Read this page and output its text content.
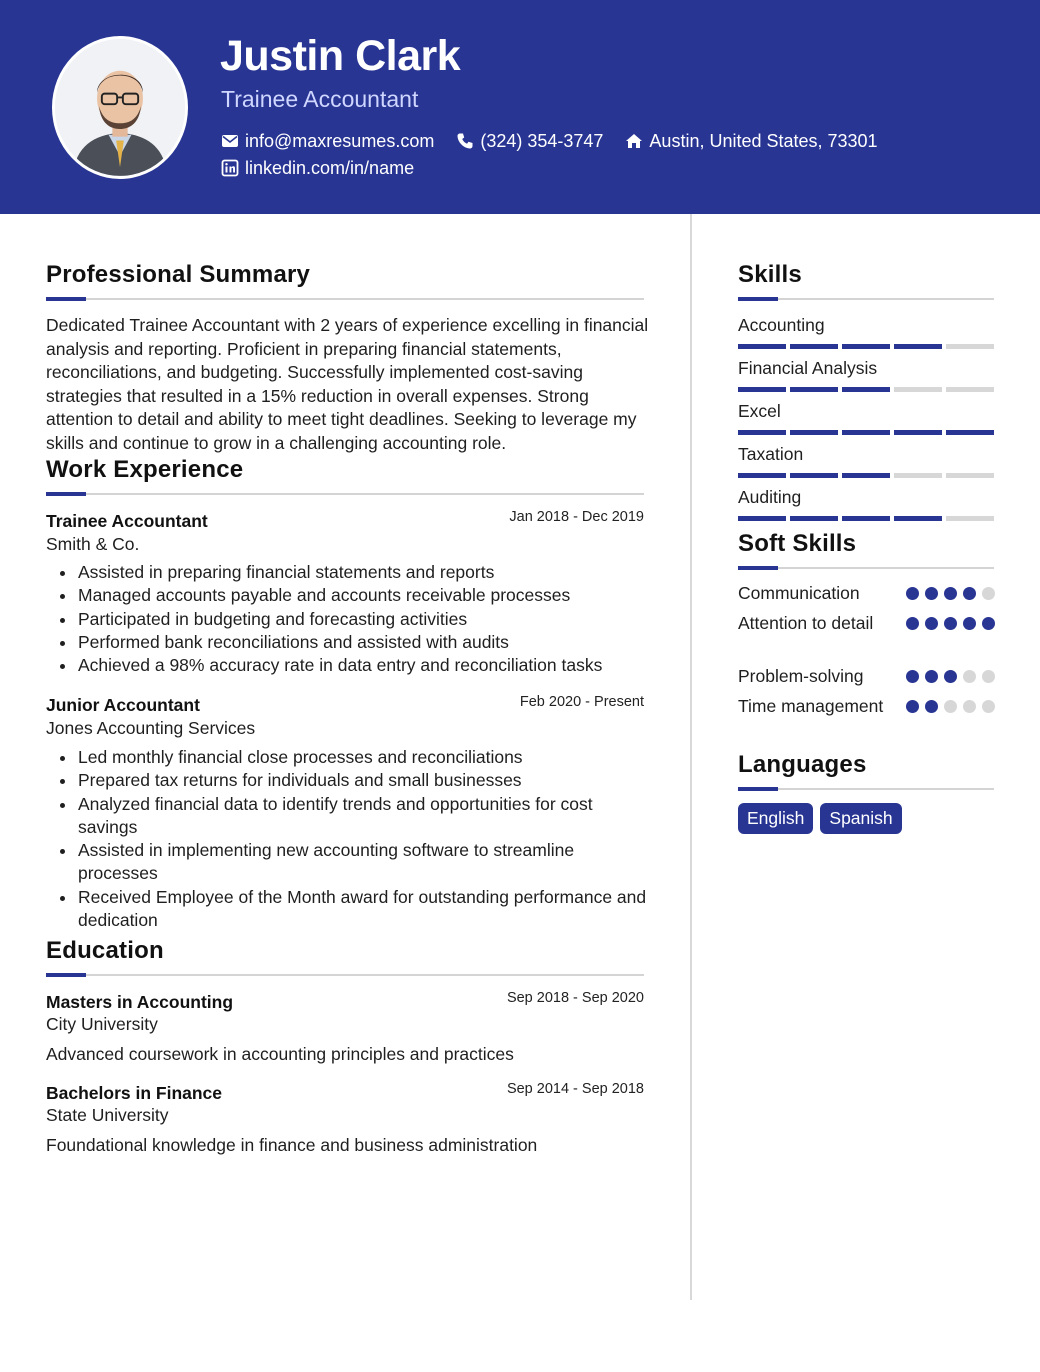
Justin Clark
Trainee Accountant
info@maxresumes.com	(324) 354-3747	Austin, United States, 73301
linkedin.com/in/name
Professional Summary
Dedicated Trainee Accountant with 2 years of experience excelling in financial analysis and reporting. Proficient in preparing financial statements, reconciliations, and budgeting. Successfully implemented cost-saving strategies that resulted in a 15% reduction in overall expenses. Strong attention to detail and ability to meet tight deadlines. Seeking to leverage my skills and continue to grow in a challenging accounting role.
Work Experience
Trainee Accountant	Jan 2018 - Dec 2019
Smith & Co.
Assisted in preparing financial statements and reports
Managed accounts payable and accounts receivable processes
Participated in budgeting and forecasting activities
Performed bank reconciliations and assisted with audits
Achieved a 98% accuracy rate in data entry and reconciliation tasks
Junior Accountant	Feb 2020 - Present
Jones Accounting Services
Led monthly financial close processes and reconciliations
Prepared tax returns for individuals and small businesses
Analyzed financial data to identify trends and opportunities for cost savings
Assisted in implementing new accounting software to streamline processes
Received Employee of the Month award for outstanding performance and dedication
Education
Masters in Accounting	Sep 2018 - Sep 2020
City University
Advanced coursework in accounting principles and practices
Bachelors in Finance	Sep 2014 - Sep 2018
State University
Foundational knowledge in finance and business administration
Skills
Accounting
Financial Analysis
Excel
Taxation
Auditing
Soft Skills
Communication
Attention to detail
Problem-solving
Time management
Languages
English	Spanish
